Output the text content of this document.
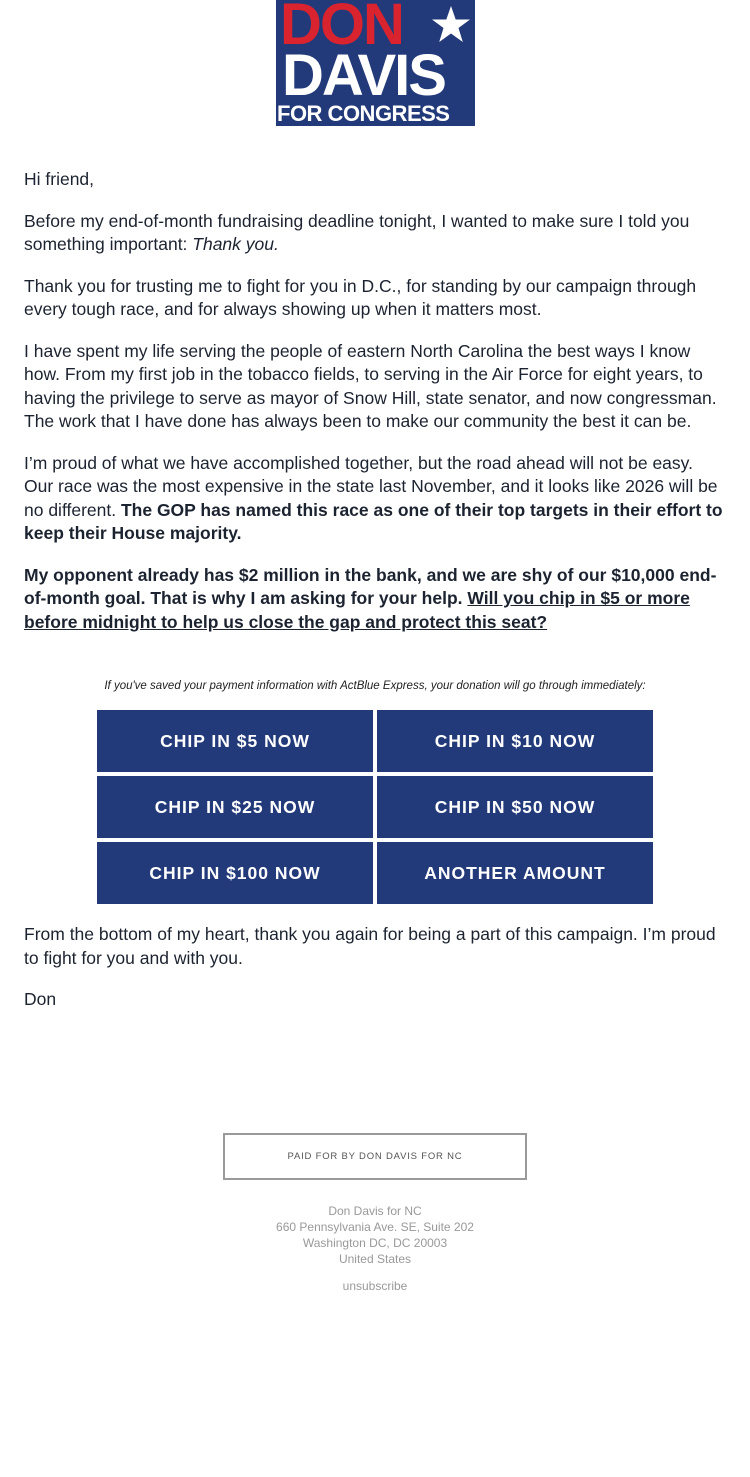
DON
DAVIS
FOR CONGRESS

Hi friend,

Before my end-of-month fundraising deadline tonight, I wanted to make sure I told you something important: Thank you.

Thank you for trusting me to fight for you in D.C., for standing by our campaign through every tough race, and for always showing up when it matters most.

I have spent my life serving the people of eastern North Carolina the best ways I know how. From my first job in the tobacco fields, to serving in the Air Force for eight years, to having the privilege to serve as mayor of Snow Hill, state senator, and now congressman. The work that I have done has always been to make our community the best it can be.

I’m proud of what we have accomplished together, but the road ahead will not be easy. Our race was the most expensive in the state last November, and it looks like 2026 will be no different. The GOP has named this race as one of their top targets in their effort to keep their House majority.

My opponent already has $2 million in the bank, and we are shy of our $10,000 end-of-month goal. That is why I am asking for your help. Will you chip in $5 or more before midnight to help us close the gap and protect this seat?

If you've saved your payment information with ActBlue Express, your donation will go through immediately:
CHIP IN $5 NOW	CHIP IN $10 NOW
CHIP IN $25 NOW	CHIP IN $50 NOW
CHIP IN $100 NOW	ANOTHER AMOUNT

From the bottom of my heart, thank you again for being a part of this campaign. I’m proud to fight for you and with you.

Don

PAID FOR BY DON DAVIS FOR NC
Don Davis for NC
660 Pennsylvania Ave. SE, Suite 202
Washington DC, DC 20003
United States
unsubscribe
